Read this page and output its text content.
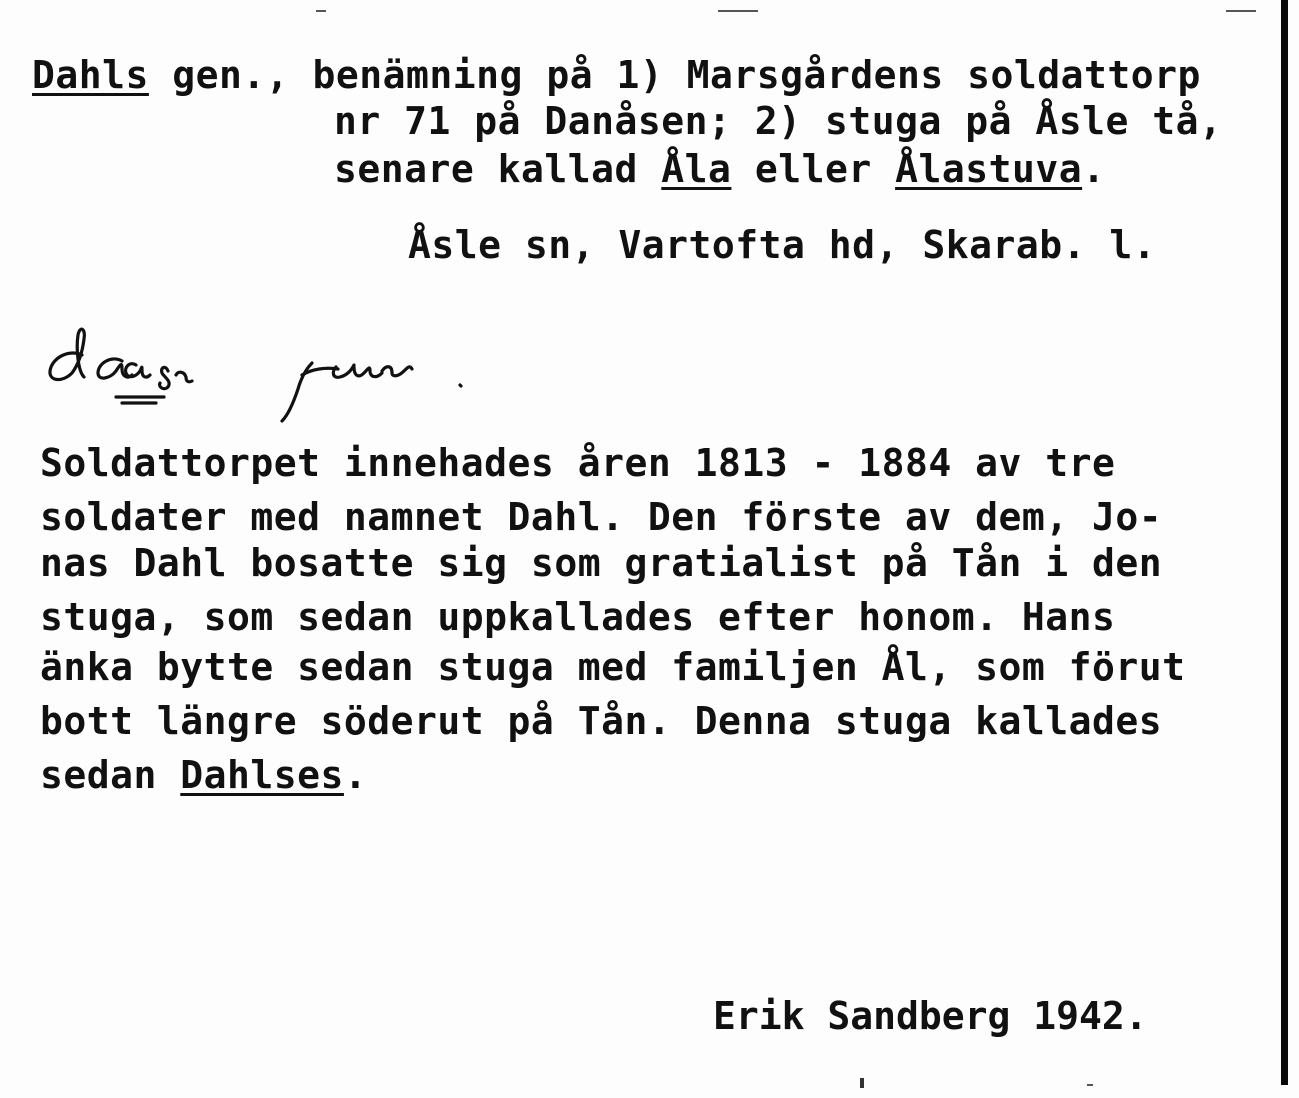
Dahls gen., benämning på 1) Marsgårdens soldattorp
nr 71 på Danåsen; 2) stuga på Åsle tå,
senare kallad Åla eller Ålastuva.
Åsle sn, Vartofta hd, Skarab. l.
Soldattorpet innehades åren 1813 - 1884 av tre
soldater med namnet Dahl. Den förste av dem, Jo-
nas Dahl bosatte sig som gratialist på Tån i den
stuga, som sedan uppkallades efter honom. Hans
änka bytte sedan stuga med familjen Ål, som förut
bott längre söderut på Tån. Denna stuga kallades
sedan Dahlses.
Erik Sandberg 1942.
